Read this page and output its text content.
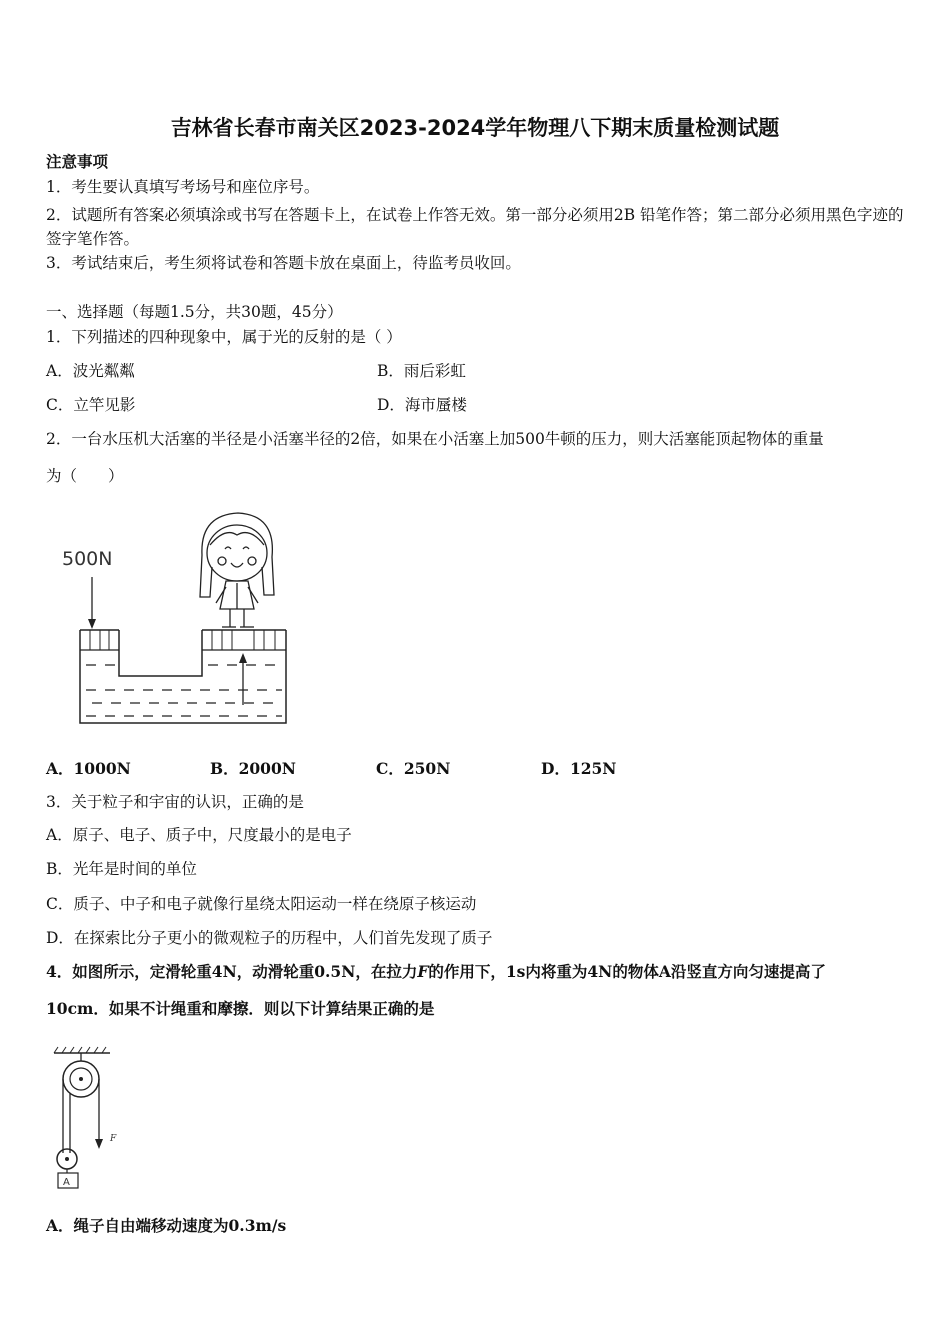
吉林省长春市南关区2023-2024学年物理八下期末质量检测试题
注意事项
1．考生要认真填写考场号和座位序号。
2．试题所有答案必须填涂或书写在答题卡上，在试卷上作答无效。第一部分必须用2B 铅笔作答；第二部分必须用黑色字迹的签字笔作答。
3．考试结束后，考生须将试卷和答题卡放在桌面上，待监考员收回。
一、选择题（每题1.5分，共30题，45分）
1．下列描述的四种现象中，属于光的反射的是（ ）
A．波光粼粼	B．雨后彩虹
C．立竿见影	D．海市蜃楼
2．一台水压机大活塞的半径是小活塞半径的2倍，如果在小活塞上加500牛顿的压力，则大活塞能顶起物体的重量
为（　　）
500N
A．1000N	B．2000N	C．250N	D．125N
3．关于粒子和宇宙的认识，正确的是
A．原子、电子、质子中，尺度最小的是电子
B．光年是时间的单位
C．质子、中子和电子就像行星绕太阳运动一样在绕原子核运动
D．在探索比分子更小的微观粒子的历程中，人们首先发现了质子
4．如图所示，定滑轮重4N，动滑轮重0.5N，在拉力F的作用下，1s内将重为4N的物体A沿竖直方向匀速提高了
10cm．如果不计绳重和摩擦．则以下计算结果正确的是
F
A
A．绳子自由端移动速度为0.3m/s
